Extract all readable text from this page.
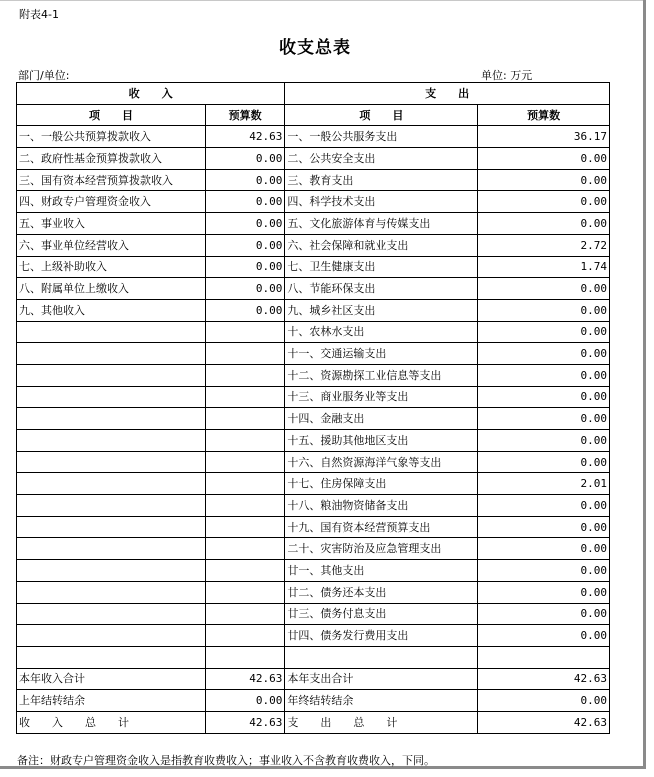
附表4-1
收支总表
部门/单位:	单位: 万元
收　　入		支　　出	
项　　目	预算数	项　　目	预算数
一、一般公共预算拨款收入	42.63	一、一般公共服务支出	36.17
二、政府性基金预算拨款收入	0.00	二、公共安全支出	0.00
三、国有资本经营预算拨款收入	0.00	三、教育支出	0.00
四、财政专户管理资金收入	0.00	四、科学技术支出	0.00
五、事业收入	0.00	五、文化旅游体育与传媒支出	0.00
六、事业单位经营收入	0.00	六、社会保障和就业支出	2.72
七、上级补助收入	0.00	七、卫生健康支出	1.74
八、附属单位上缴收入	0.00	八、节能环保支出	0.00
九、其他收入	0.00	九、城乡社区支出	0.00
		十、农林水支出	0.00
		十一、交通运输支出	0.00
		十二、资源勘探工业信息等支出	0.00
		十三、商业服务业等支出	0.00
		十四、金融支出	0.00
		十五、援助其他地区支出	0.00
		十六、自然资源海洋气象等支出	0.00
		十七、住房保障支出	2.01
		十八、粮油物资储备支出	0.00
		十九、国有资本经营预算支出	0.00
		二十、灾害防治及应急管理支出	0.00
		廿一、其他支出	0.00
		廿二、债务还本支出	0.00
		廿三、债务付息支出	0.00
		廿四、债务发行费用支出	0.00

本年收入合计	42.63	本年支出合计	42.63
上年结转结余	0.00	年终结转结余	0.00
收　　入　　总　　计	42.63	支　　出　　总　　计	42.63
备注：财政专户管理资金收入是指教育收费收入；事业收入不含教育收费收入，下同。
